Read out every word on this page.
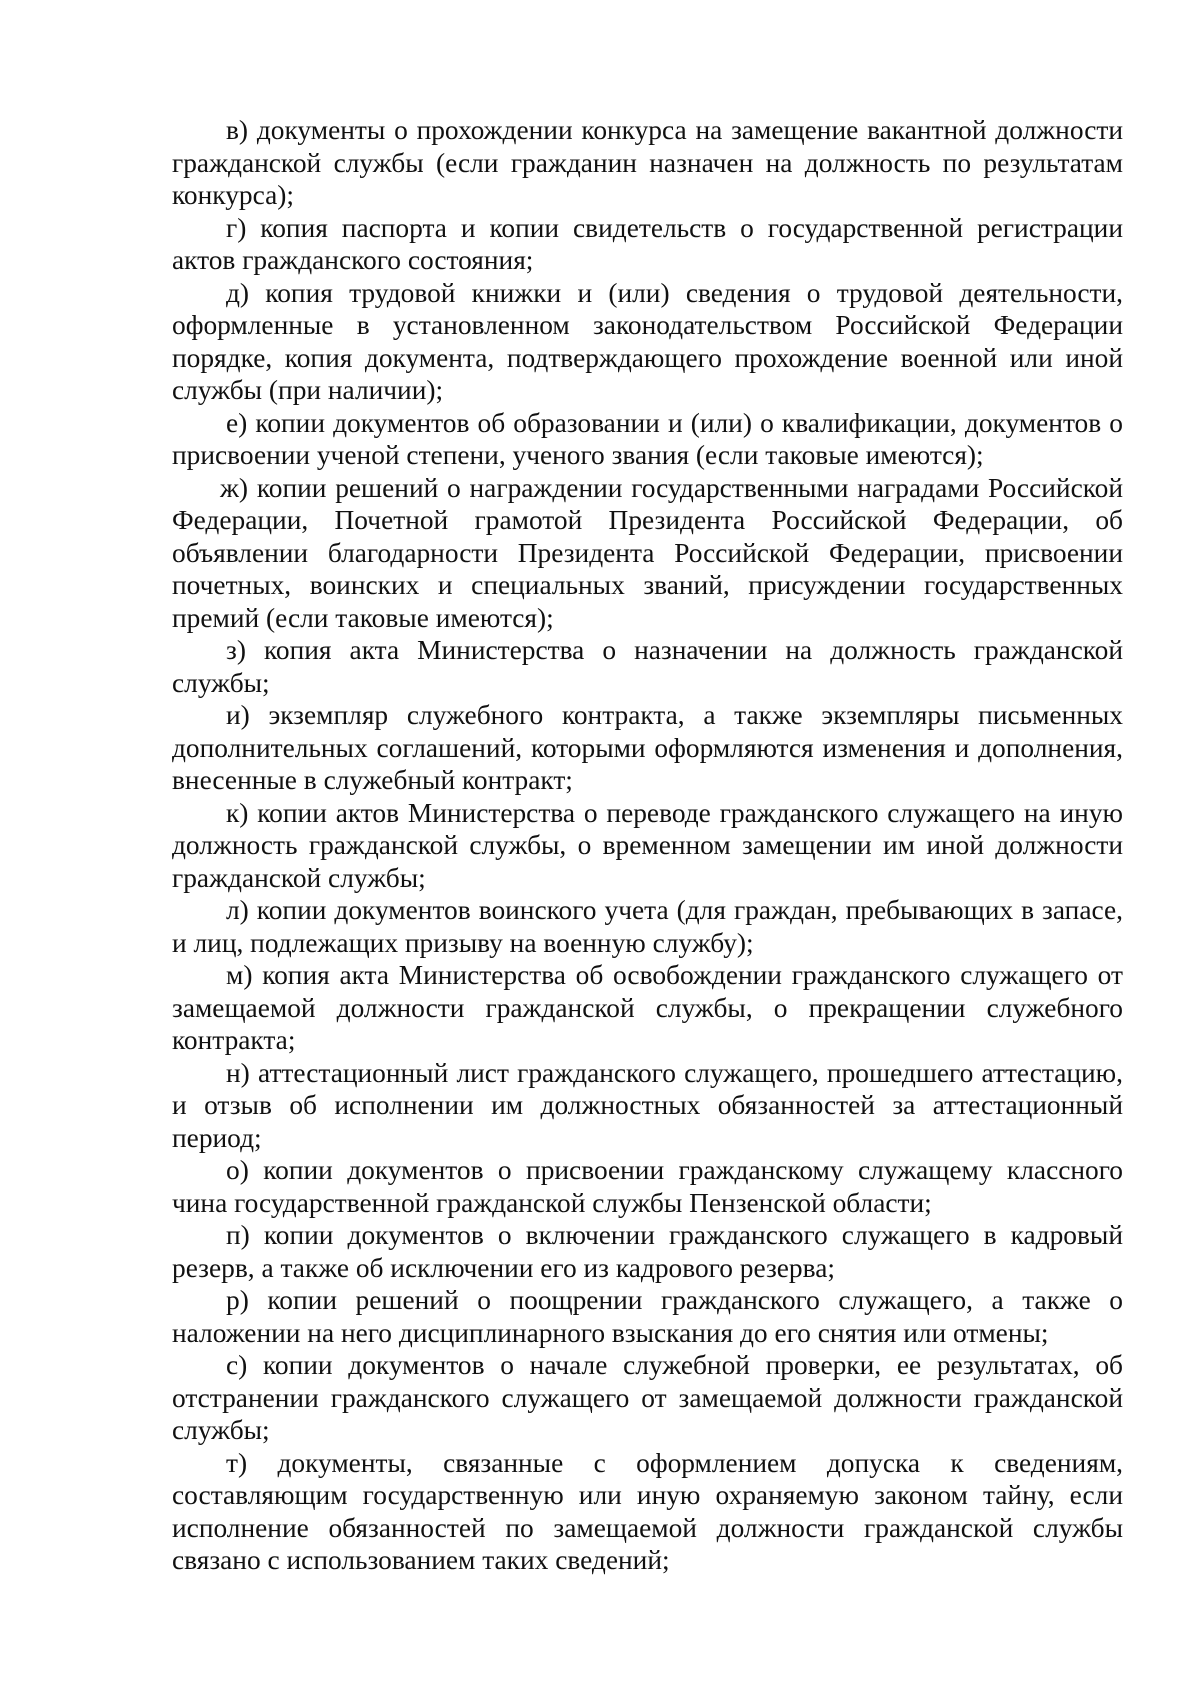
в) документы о прохождении конкурса на замещение вакантной должности гражданской службы (если гражданин назначен на должность по результатам конкурса);

г) копия паспорта и копии свидетельств о государственной регистрации актов гражданского состояния;

д) копия трудовой книжки и (или) сведения о трудовой деятельности, оформленные в установленном законодательством Российской Федерации порядке, копия документа, подтверждающего прохождение военной или иной службы (при наличии);

е) копии документов об образовании и (или) о квалификации, документов о присвоении ученой степени, ученого звания (если таковые имеются);

ж) копии решений о награждении государственными наградами Российской Федерации, Почетной грамотой Президента Российской Федерации, об объявлении благодарности Президента Российской Федерации, присвоении почетных, воинских и специальных званий, присуждении государственных премий (если таковые имеются);

з) копия акта Министерства о назначении на должность гражданской службы;

и) экземпляр служебного контракта, а также экземпляры письменных дополнительных соглашений, которыми оформляются изменения и дополнения, внесенные в служебный контракт;

к) копии актов Министерства о переводе гражданского служащего на иную должность гражданской службы, о временном замещении им иной должности гражданской службы;

л) копии документов воинского учета (для граждан, пребывающих в запасе, и лиц, подлежащих призыву на военную службу);

м) копия акта Министерства об освобождении гражданского служащего от замещаемой должности гражданской службы, о прекращении служебного контракта;

н) аттестационный лист гражданского служащего, прошедшего аттестацию, и отзыв об исполнении им должностных обязанностей за аттестационный период;

о) копии документов о присвоении гражданскому служащему классного чина государственной гражданской службы Пензенской области;

п) копии документов о включении гражданского служащего в кадровый резерв, а также об исключении его из кадрового резерва;

р) копии решений о поощрении гражданского служащего, а также о наложении на него дисциплинарного взыскания до его снятия или отмены;

с) копии документов о начале служебной проверки, ее результатах, об отстранении гражданского служащего от замещаемой должности гражданской службы;

т) документы, связанные с оформлением допуска к сведениям, составляющим государственную или иную охраняемую законом тайну, если исполнение обязанностей по замещаемой должности гражданской службы связано с использованием таких сведений;
